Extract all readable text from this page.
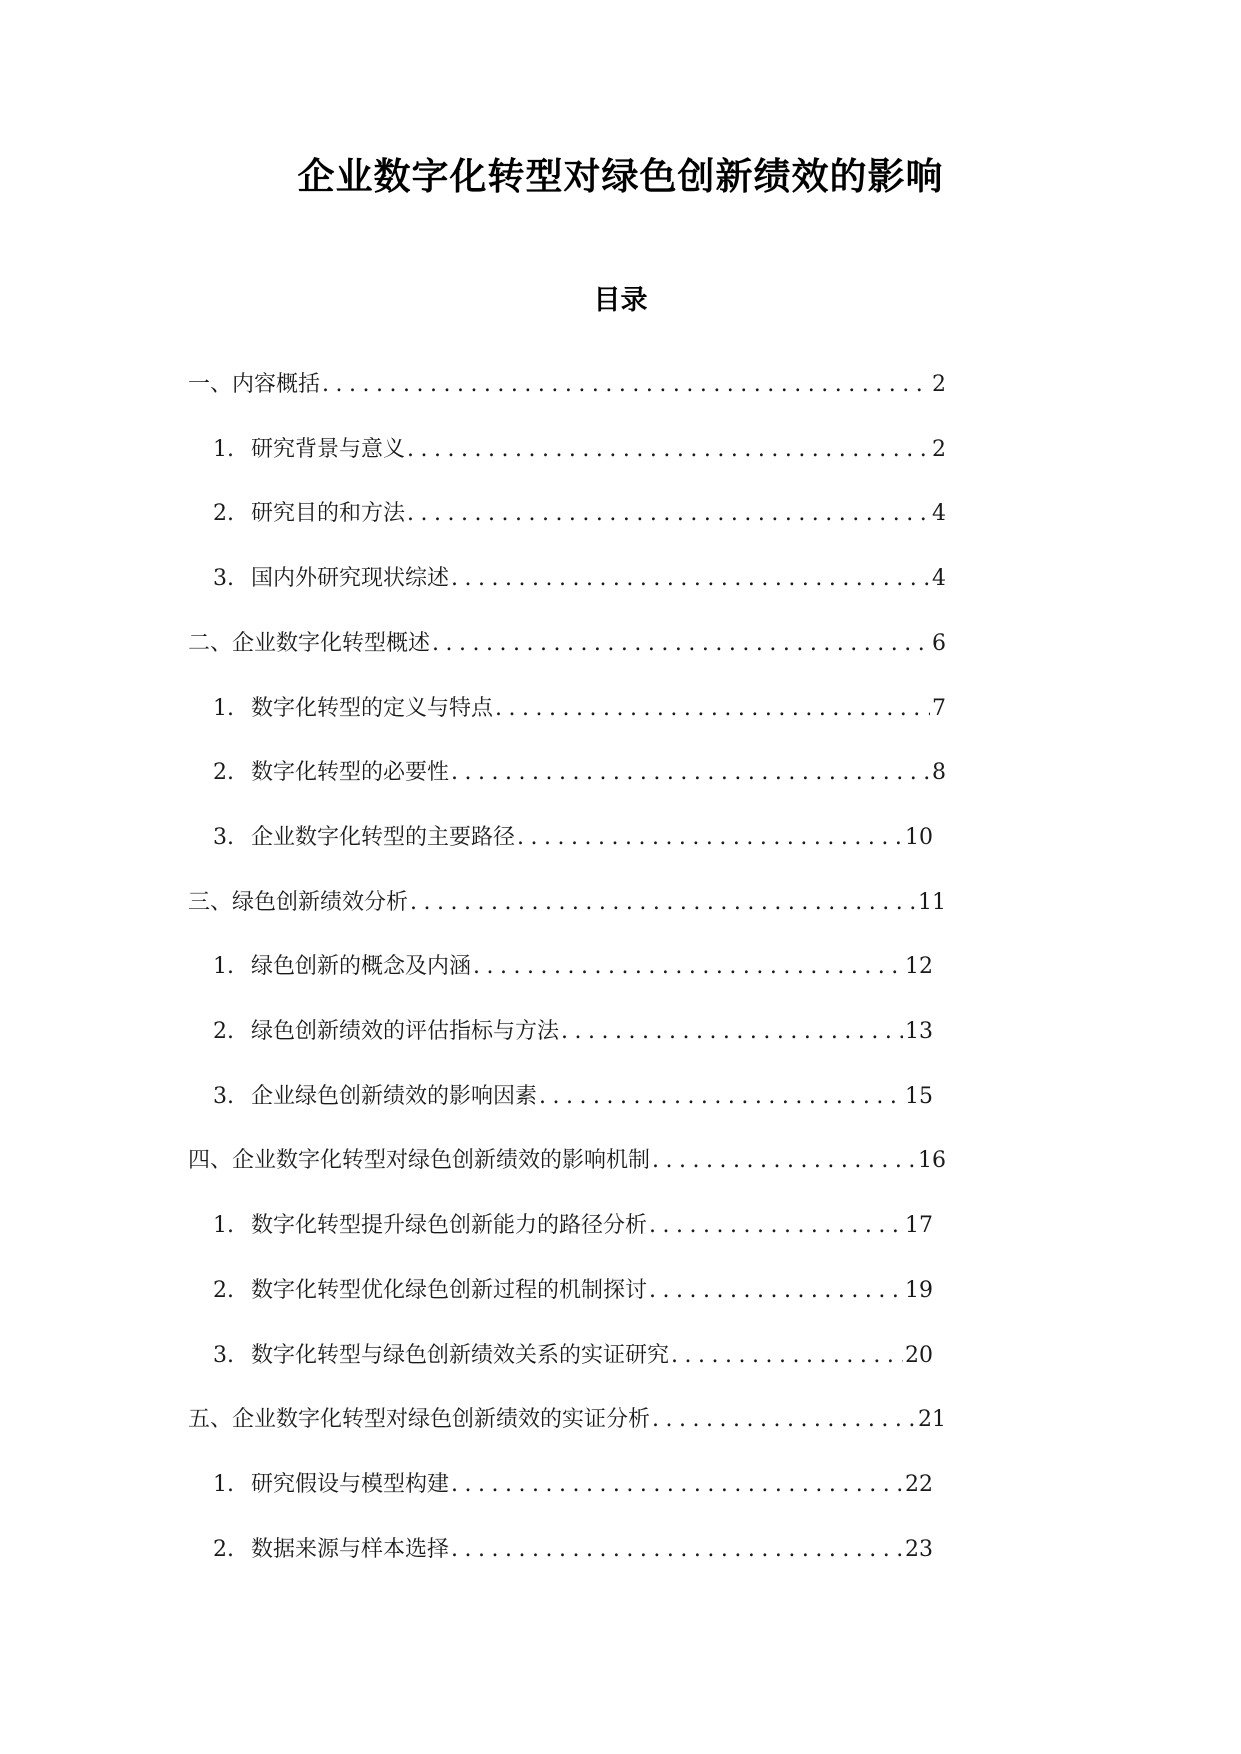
企业数字化转型对绿色创新绩效的影响
目录
一、内容概括 .....	2
1. 研究背景与意义 .....	2
2. 研究目的和方法 .....	4
3. 国内外研究现状综述 .....	4
二、企业数字化转型概述 .....	6
1. 数字化转型的定义与特点 .....	7
2. 数字化转型的必要性 .....	8
3. 企业数字化转型的主要路径 .....	10
三、绿色创新绩效分析 .....	11
1. 绿色创新的概念及内涵 .....	12
2. 绿色创新绩效的评估指标与方法 .....	13
3. 企业绿色创新绩效的影响因素 .....	15
四、企业数字化转型对绿色创新绩效的影响机制 .....	16
1. 数字化转型提升绿色创新能力的路径分析 .....	17
2. 数字化转型优化绿色创新过程的机制探讨 .....	19
3. 数字化转型与绿色创新绩效关系的实证研究 .....	20
五、企业数字化转型对绿色创新绩效的实证分析 .....	21
1. 研究假设与模型构建 .....	22
2. 数据来源与样本选择 .....	23
